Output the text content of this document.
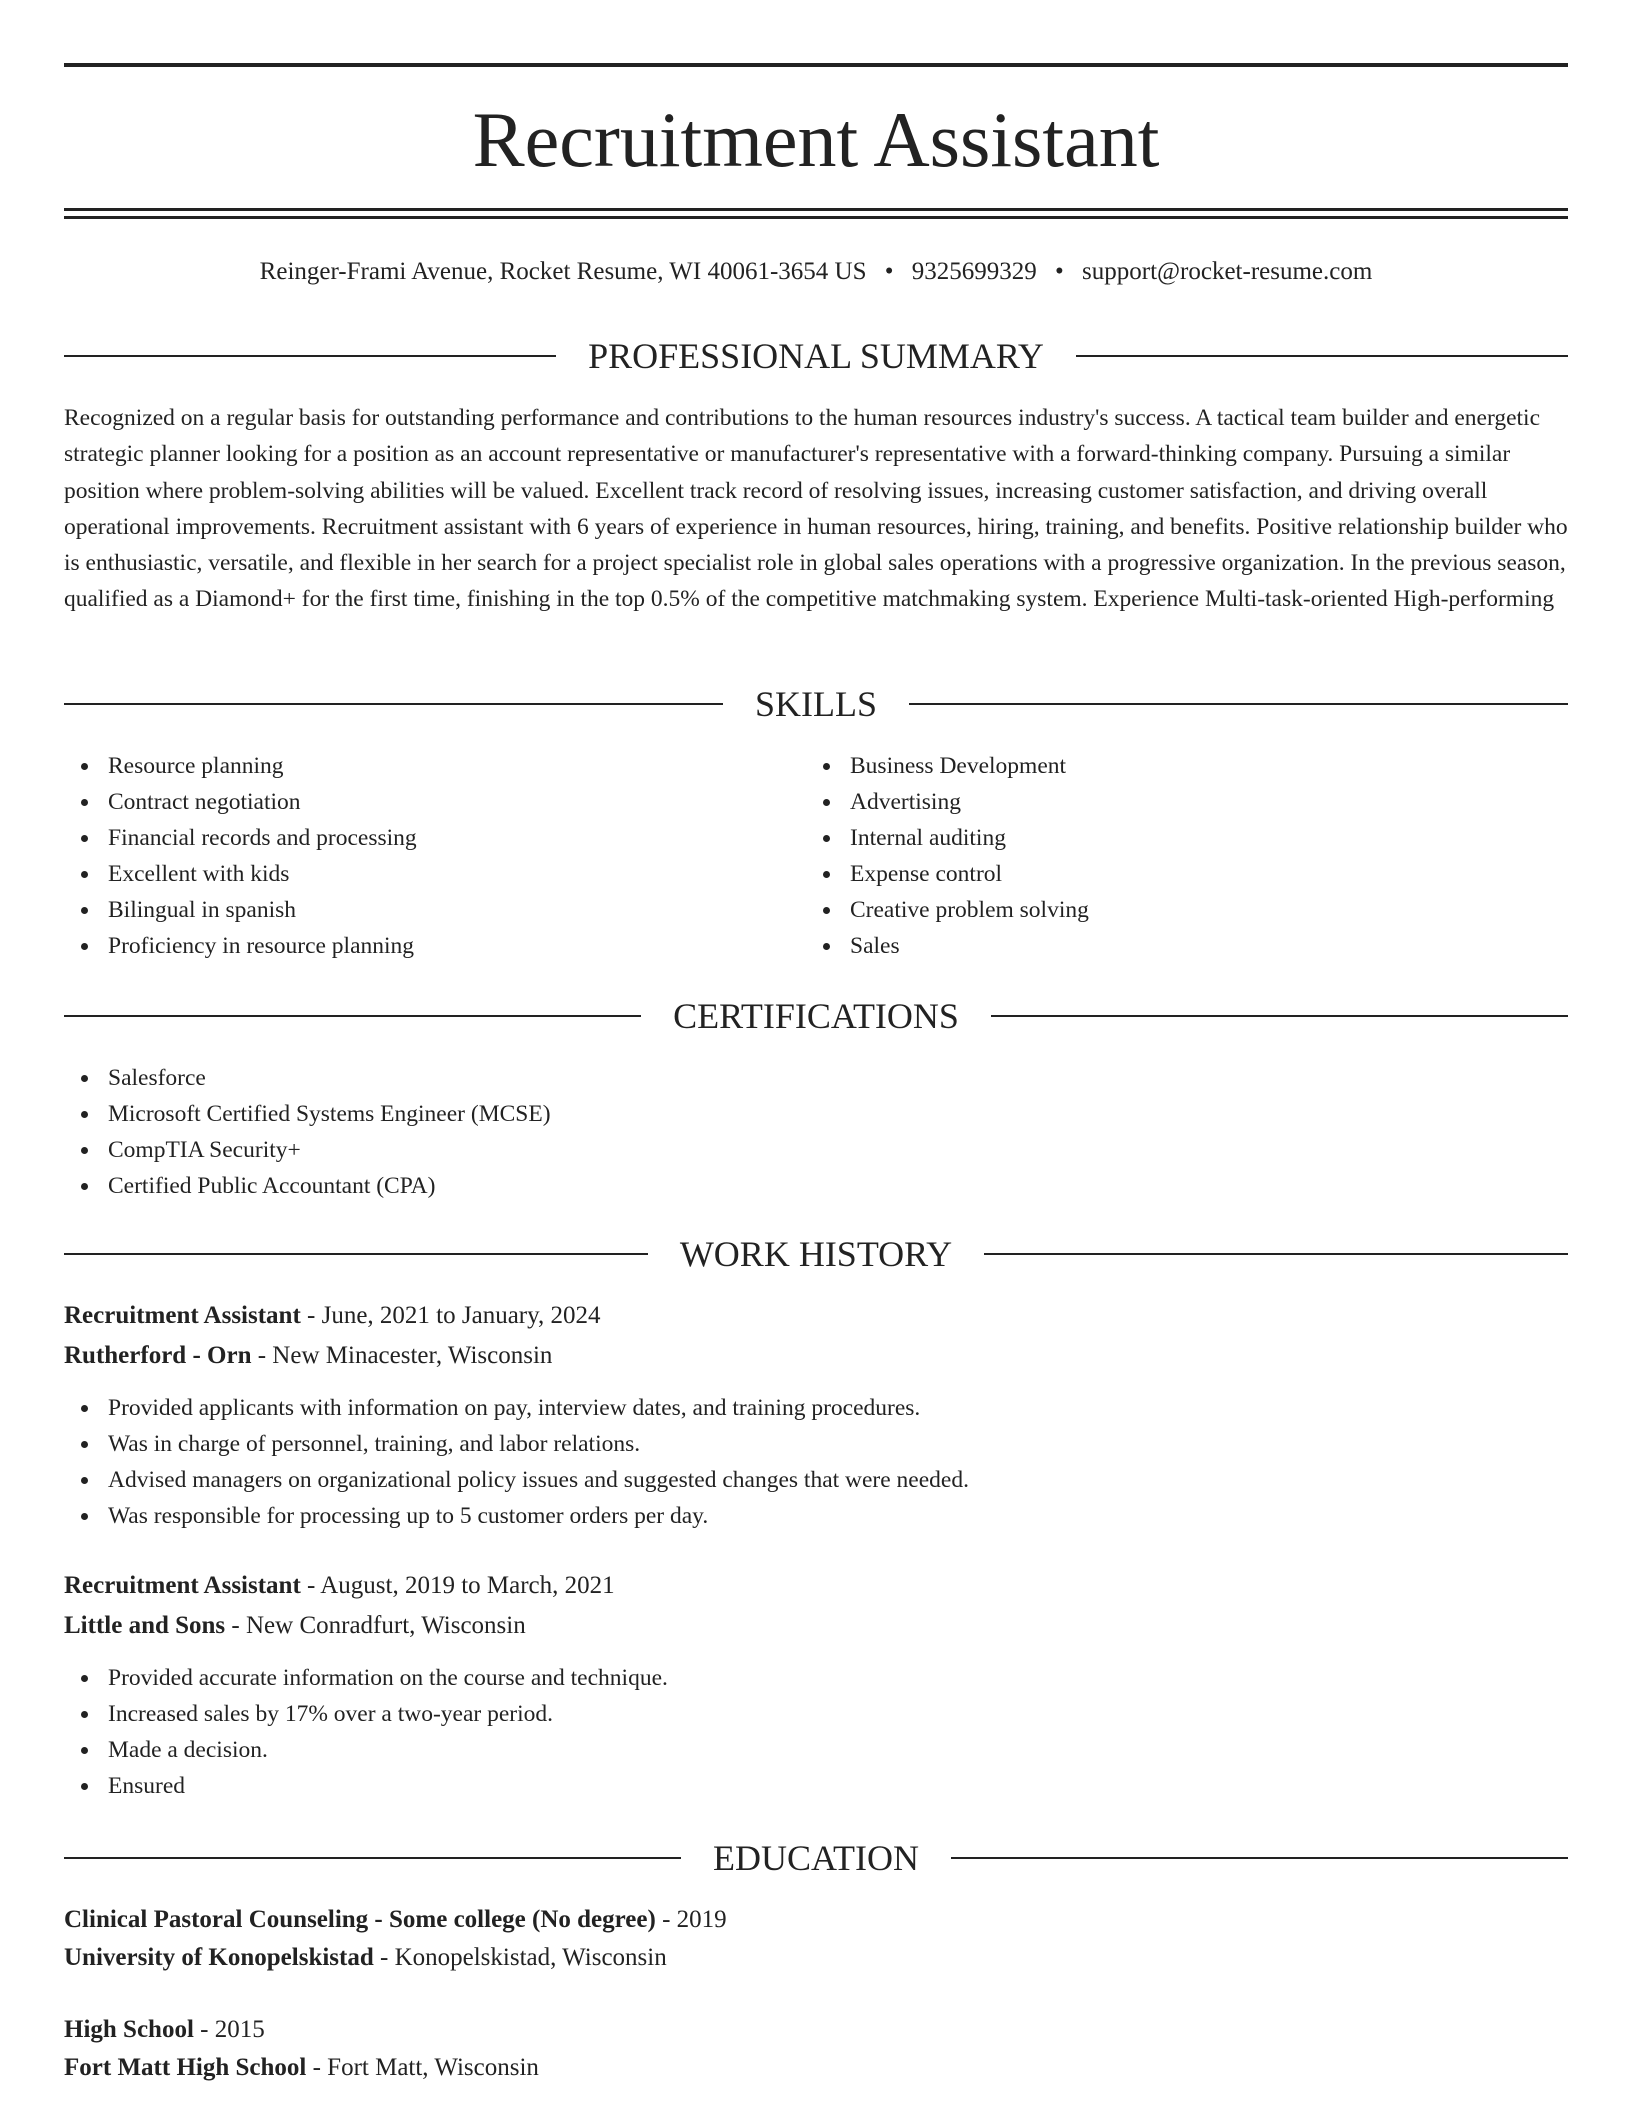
Recruitment Assistant
Reinger-Frami Avenue, Rocket Resume, WI 40061-3654 US • 9325699329 • support@rocket-resume.com
PROFESSIONAL SUMMARY
Recognized on a regular basis for outstanding performance and contributions to the human resources industry's success. A tactical team builder and energetic strategic planner looking for a position as an account representative or manufacturer's representative with a forward-thinking company. Pursuing a similar position where problem-solving abilities will be valued. Excellent track record of resolving issues, increasing customer satisfaction, and driving overall operational improvements. Recruitment assistant with 6 years of experience in human resources, hiring, training, and benefits. Positive relationship builder who is enthusiastic, versatile, and flexible in her search for a project specialist role in global sales operations with a progressive organization. In the previous season, qualified as a Diamond+ for the first time, finishing in the top 0.5% of the competitive matchmaking system. Experience Multi-task-oriented High-performing
SKILLS
Resource planning
Contract negotiation
Financial records and processing
Excellent with kids
Bilingual in spanish
Proficiency in resource planning
Business Development
Advertising
Internal auditing
Expense control
Creative problem solving
Sales
CERTIFICATIONS
Salesforce
Microsoft Certified Systems Engineer (MCSE)
CompTIA Security+
Certified Public Accountant (CPA)
WORK HISTORY
Recruitment Assistant - June, 2021 to January, 2024
Rutherford - Orn - New Minacester, Wisconsin
Provided applicants with information on pay, interview dates, and training procedures.
Was in charge of personnel, training, and labor relations.
Advised managers on organizational policy issues and suggested changes that were needed.
Was responsible for processing up to 5 customer orders per day.
Recruitment Assistant - August, 2019 to March, 2021
Little and Sons - New Conradfurt, Wisconsin
Provided accurate information on the course and technique.
Increased sales by 17% over a two-year period.
Made a decision.
Ensured
EDUCATION
Clinical Pastoral Counseling - Some college (No degree) - 2019
University of Konopelskistad - Konopelskistad, Wisconsin
High School - 2015
Fort Matt High School - Fort Matt, Wisconsin
